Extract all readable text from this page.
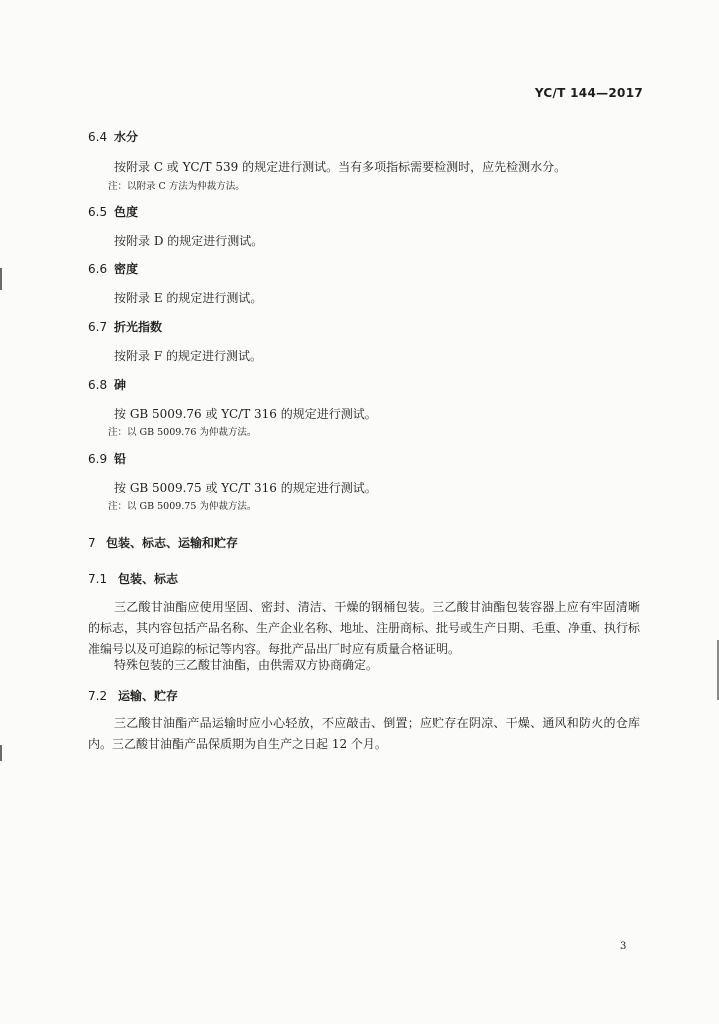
YC/T 144—2017
6.4 水分
按附录 C 或 YC/T 539 的规定进行测试。当有多项指标需要检测时，应先检测水分。
注：以附录 C 方法为仲裁方法。
6.5 色度
按附录 D 的规定进行测试。
6.6 密度
按附录 E 的规定进行测试。
6.7 折光指数
按附录 F 的规定进行测试。
6.8 砷
按 GB 5009.76 或 YC/T 316 的规定进行测试。
注：以 GB 5009.76 为仲裁方法。
6.9 铅
按 GB 5009.75 或 YC/T 316 的规定进行测试。
注：以 GB 5009.75 为仲裁方法。
7 包装、标志、运输和贮存
7.1 包装、标志
三乙酸甘油酯应使用坚固、密封、清洁、干燥的钢桶包装。三乙酸甘油酯包装容器上应有牢固清晰的标志，其内容包括产品名称、生产企业名称、地址、注册商标、批号或生产日期、毛重、净重、执行标准编号以及可追踪的标记等内容。每批产品出厂时应有质量合格证明。
特殊包装的三乙酸甘油酯，由供需双方协商确定。
7.2 运输、贮存
三乙酸甘油酯产品运输时应小心轻放，不应敲击、倒置；应贮存在阴凉、干燥、通风和防火的仓库内。三乙酸甘油酯产品保质期为自生产之日起 12 个月。
3
